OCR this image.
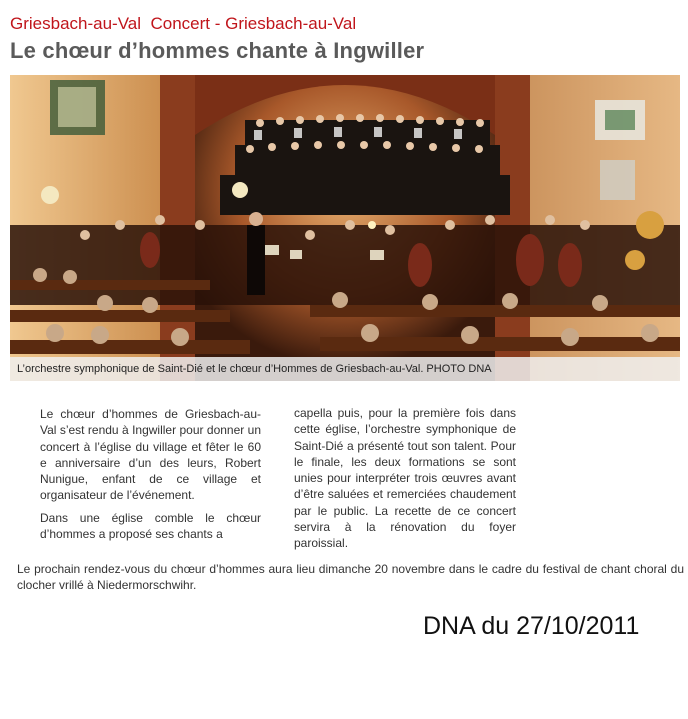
Griesbach-au-Val  Concert - Griesbach-au-Val
Le chœur d’hommes chante à Ingwiller
L’orchestre symphonique de Saint-Dié et le chœur d’Hommes de Griesbach-au-Val. PHOTO DNA

Le chœur d’hommes de Griesbach-au-Val s’est rendu à Ingwiller pour donner un concert à l’église du village et fêter le 60 e anniversaire d’un des leurs, Robert Nunigue, enfant de ce village et organisateur de l’événement.

Dans une église comble le chœur d’hommes a proposé ses chants a

capella puis, pour la première fois dans cette église, l’orchestre symphonique de Saint-Dié a présenté tout son talent. Pour le finale, les deux formations se sont unies pour interpréter trois œuvres avant d’être saluées et remerciées chaudement par le public. La recette de ce concert servira à la rénovation du foyer paroissial.

Le prochain rendez-vous du chœur d’hommes aura lieu dimanche 20 novembre dans le cadre du festival de chant choral du clocher vrillé à Niedermorschwihr.
DNA du 27/10/2011
